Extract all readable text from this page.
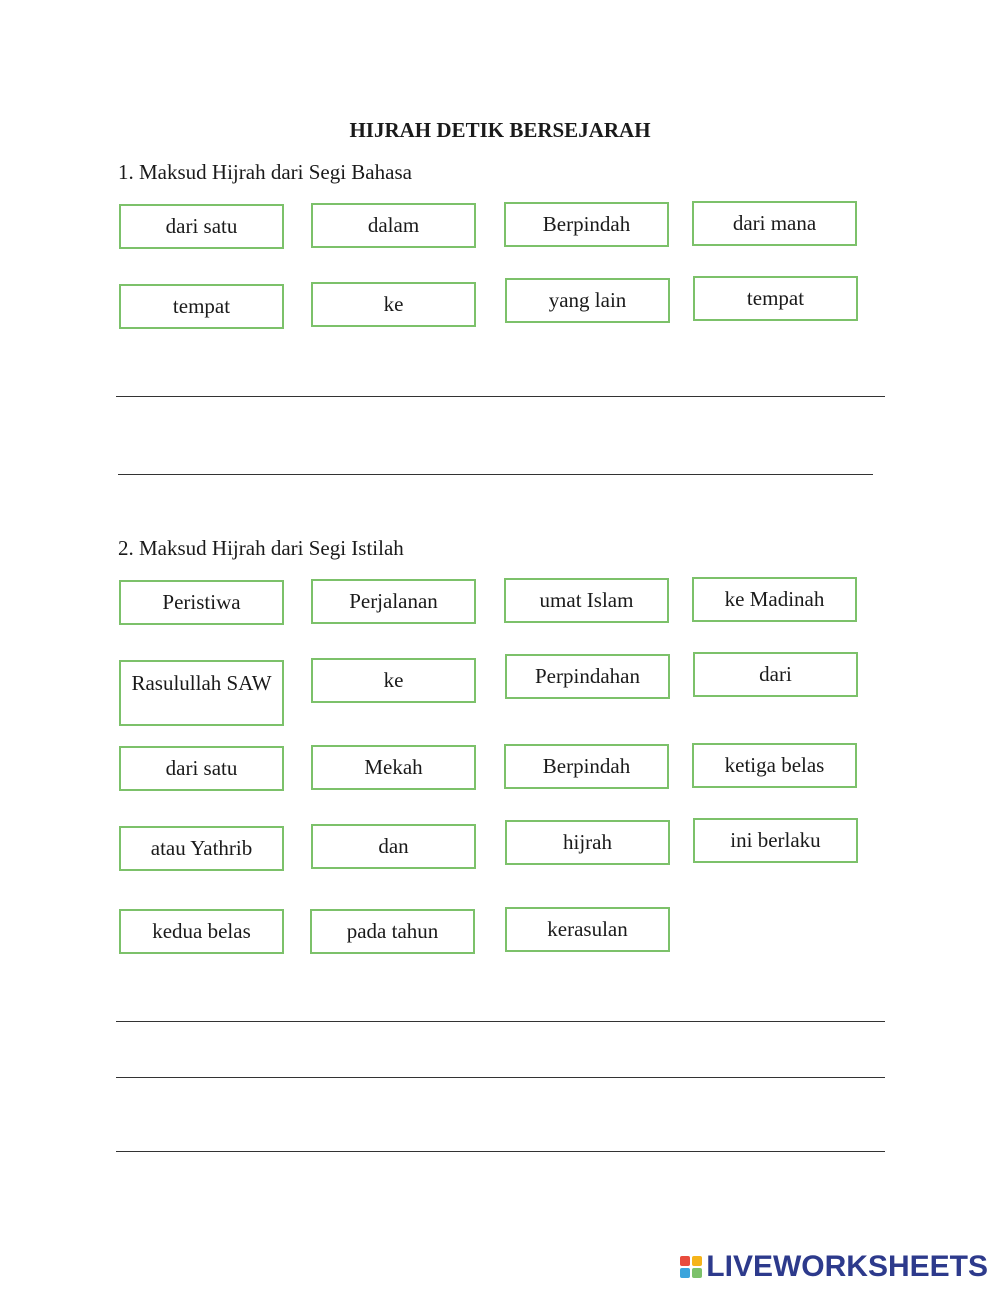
HIJRAH DETIK BERSEJARAH
1. Maksud Hijrah dari Segi Bahasa
dari satu	dalam	Berpindah	dari mana
tempat	ke	yang lain	tempat
2. Maksud Hijrah dari Segi Istilah
Peristiwa	Perjalanan	umat Islam	ke Madinah
Rasulullah SAW	ke	Perpindahan	dari
dari satu	Mekah	Berpindah	ketiga belas
atau Yathrib	dan	hijrah	ini berlaku
kedua belas	pada tahun	kerasulan
LIVEWORKSHEETS
